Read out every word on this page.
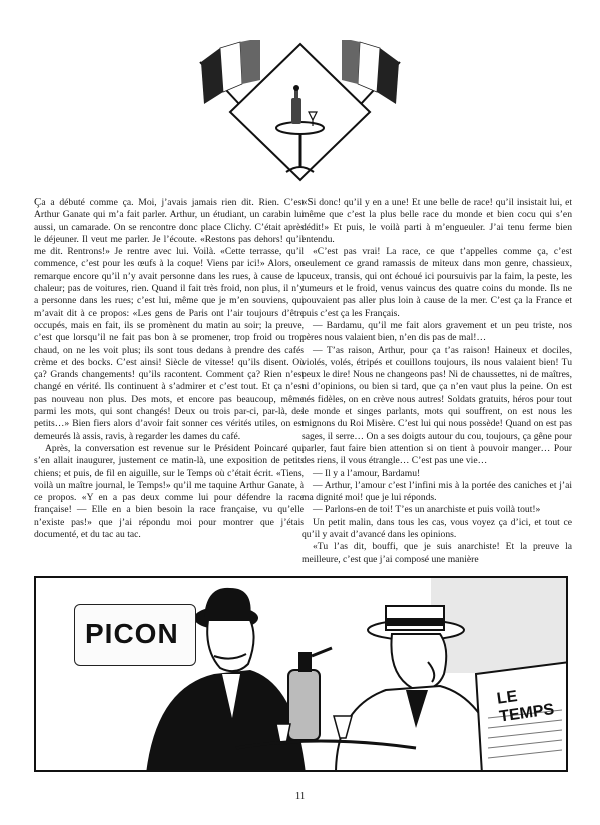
Ça a débuté comme ça. Moi, j’avais jamais rien dit. Rien. C’est Arthur Ganate qui m’a fait parler. Arthur, un étudiant, un carabin lui aussi, un camarade. On se rencontre donc place Clichy. C’était après le déjeuner. Il veut me parler. Je l’écoute. «Restons pas dehors! qu’il me dit. Rentrons!» Je rentre avec lui. Voilà. «Cette terrasse, qu’il commence, c’est pour les œufs à la coque! Viens par ici!» Alors, on remarque encore qu’il n’y avait personne dans les rues, à cause de la chaleur; pas de voitures, rien. Quand il fait très froid, non plus, il n’y a personne dans les rues; c’est lui, même que je m’en souviens, qui m’avait dit à ce propos: «Les gens de Paris ont l’air toujours d’être occupés, mais en fait, ils se promènent du matin au soir; la preuve, c’est que lorsqu’il ne fait pas bon à se promener, trop froid ou trop chaud, on ne les voit plus; ils sont tous dedans à prendre des cafés crème et des bocks. C’est ainsi! Siècle de vitesse! qu’ils disent. Où ça? Grands changements! qu’ils racontent. Comment ça? Rien n’est changé en vérité. Ils continuent à s’admirer et c’est tout. Et ça n’est pas nouveau non plus. Des mots, et encore pas beaucoup, même parmi les mots, qui sont changés! Deux ou trois par-ci, par-là, des petits…» Bien fiers alors d’avoir fait sonner ces vérités utiles, on est demeurés là assis, ravis, à regarder les dames du café.

Après, la conversation est revenue sur le Président Poincaré qui s’en allait inaugurer, justement ce matin-là, une exposition de petits chiens; et puis, de fil en aiguille, sur le Temps où c’était écrit. «Tiens, voilà un maître journal, le Temps!» qu’il me taquine Arthur Ganate, à ce propos. «Y en a pas deux comme lui pour défendre la race française! — Elle en a bien besoin la race française, vu qu’elle n’existe pas!» que j’ai répondu moi pour montrer que j’étais documenté, et du tac au tac.

«Si donc! qu’il y en a une! Et une belle de race! qu’il insistait lui, et même que c’est la plus belle race du monde et bien cocu qui s’en dédit!» Et puis, le voilà parti à m’engueuler. J’ai tenu ferme bien entendu.

«C’est pas vrai! La race, ce que t’appelles comme ça, c’est seulement ce grand ramassis de miteux dans mon genre, chassieux, puceux, transis, qui ont échoué ici poursuivis par la faim, la peste, les tumeurs et le froid, venus vaincus des quatre coins du monde. Ils ne pouvaient pas aller plus loin à cause de la mer. C’est ça la France et puis c’est ça les Français.

— Bardamu, qu’il me fait alors gravement et un peu triste, nos pères nous valaient bien, n’en dis pas de mal!…

— T’as raison, Arthur, pour ça t’as raison! Haineux et dociles, violés, volés, étripés et couillons toujours, ils nous valaient bien! Tu peux le dire! Nous ne changeons pas! Ni de chaussettes, ni de maîtres, ni d’opinions, ou bien si tard, que ça n’en vaut plus la peine. On est nés fidèles, on en crève nous autres! Soldats gratuits, héros pour tout le monde et singes parlants, mots qui souffrent, on est nous les mignons du Roi Misère. C’est lui qui nous possède! Quand on est pas sages, il serre… On a ses doigts autour du cou, toujours, ça gêne pour parler, faut faire bien attention si on tient à pouvoir manger… Pour des riens, il vous étrangle… C’est pas une vie…

— Il y a l’amour, Bardamu!

— Arthur, l’amour c’est l’infini mis à la portée des caniches et j’ai ma dignité moi! que je lui réponds.

— Parlons-en de toi! T’es un anarchiste et puis voilà tout!»

Un petit malin, dans tous les cas, vous voyez ça d’ici, et tout ce qu’il y avait d’avancé dans les opinions.

«Tu l’as dit, bouffi, que je suis anarchiste! Et la preuve la meilleure, c’est que j’ai composé une manière

PICON
LE TEMPS
11
